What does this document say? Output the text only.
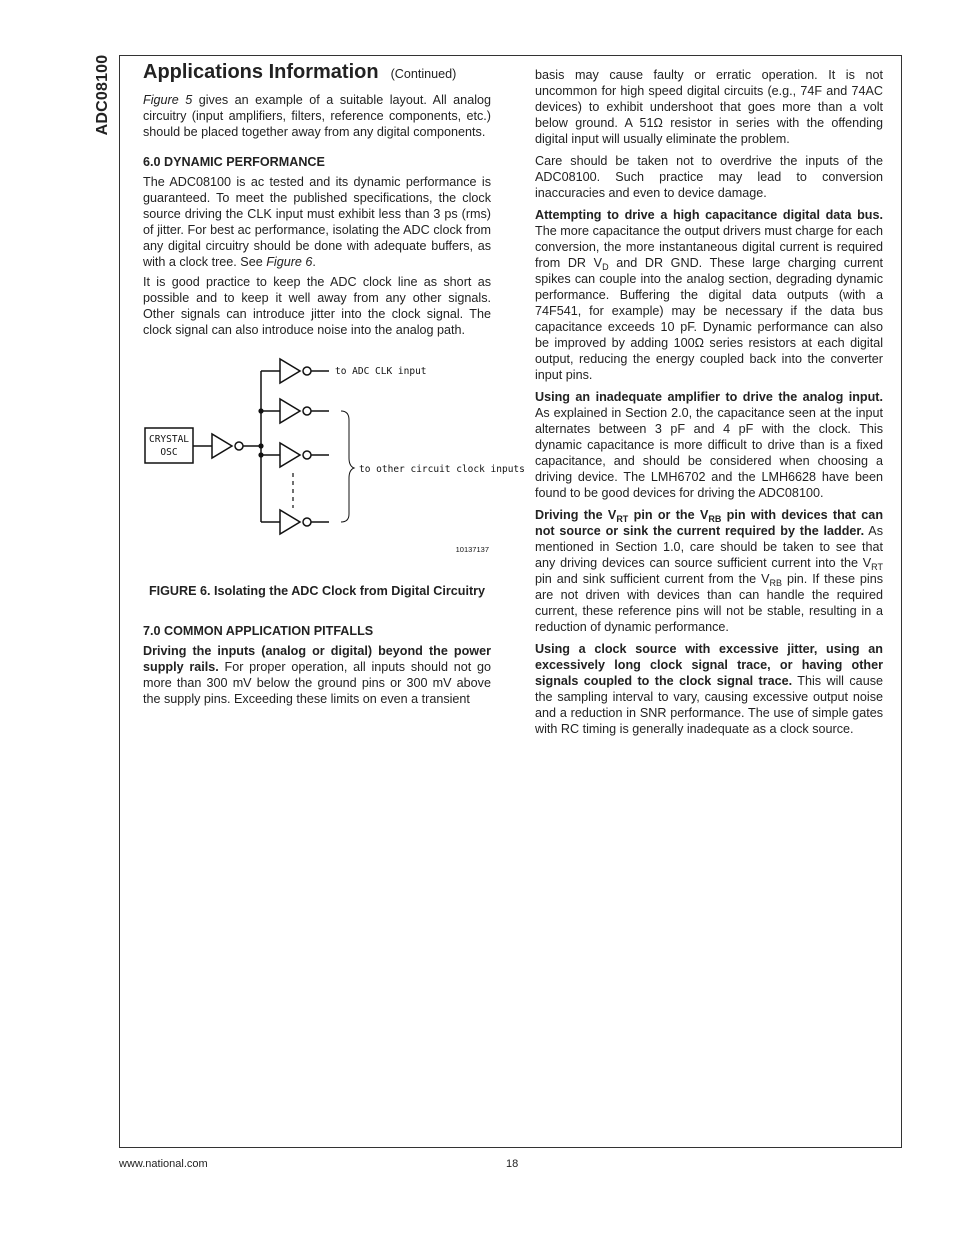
ADC08100 Applications Information (Continued)

Figure 5 gives an example of a suitable layout. All analog circuitry (input amplifiers, filters, reference components, etc.) should be placed together away from any digital components.

6.0 DYNAMIC PERFORMANCE

The ADC08100 is ac tested and its dynamic performance is guaranteed. To meet the published specifications, the clock source driving the CLK input must exhibit less than 3 ps (rms) of jitter. For best ac performance, isolating the ADC clock from any digital circuitry should be done with adequate buffers, as with a clock tree. See Figure 6.

It is good practice to keep the ADC clock line as short as possible and to keep it well away from any other signals. Other signals can introduce jitter into the clock signal. The clock signal can also introduce noise into the analog path.

CRYSTAL
OSC
to ADC CLK input
to other circuit clock inputs
10137137
FIGURE 6. Isolating the ADC Clock from Digital Circuitry
7.0 COMMON APPLICATION PITFALLS

Driving the inputs (analog or digital) beyond the power supply rails. For proper operation, all inputs should not go more than 300 mV below the ground pins or 300 mV above the supply pins. Exceeding these limits on even a transient

basis may cause faulty or erratic operation. It is not uncommon for high speed digital circuits (e.g., 74F and 74AC devices) to exhibit undershoot that goes more than a volt below ground. A 51Ω resistor in series with the offending digital input will usually eliminate the problem.

Care should be taken not to overdrive the inputs of the ADC08100. Such practice may lead to conversion inaccuracies and even to device damage.

Attempting to drive a high capacitance digital data bus. The more capacitance the output drivers must charge for each conversion, the more instantaneous digital current is required from DR $V_D$ and DR GND. These large charging current spikes can couple into the analog section, degrading dynamic performance. Buffering the digital data outputs (with a 74F541, for example) may be necessary if the data bus capacitance exceeds 10 pF. Dynamic performance can also be improved by adding 100Ω series resistors at each digital output, reducing the energy coupled back into the converter input pins.

Using an inadequate amplifier to drive the analog input. As explained in Section 2.0, the capacitance seen at the input alternates between 3 pF and 4 pF with the clock. This dynamic capacitance is more difficult to drive than is a fixed capacitance, and should be considered when choosing a driving device. The LMH6702 and the LMH6628 have been found to be good devices for driving the ADC08100.

Driving the $V_{RT}$ pin or the $V_{RB}$ pin with devices that can not source or sink the current required by the ladder. As mentioned in Section 1.0, care should be taken to see that any driving devices can source sufficient current into the $V_{RT}$ pin and sink sufficient current from the $V_{RB}$ pin. If these pins are not driven with devices than can handle the required current, these reference pins will not be stable, resulting in a reduction of dynamic performance.

Using a clock source with excessive jitter, using an excessively long clock signal trace, or having other signals coupled to the clock signal trace. This will cause the sampling interval to vary, causing excessive output noise and a reduction in SNR performance. The use of simple gates with RC timing is generally inadequate as a clock source.

www.national.com	18
